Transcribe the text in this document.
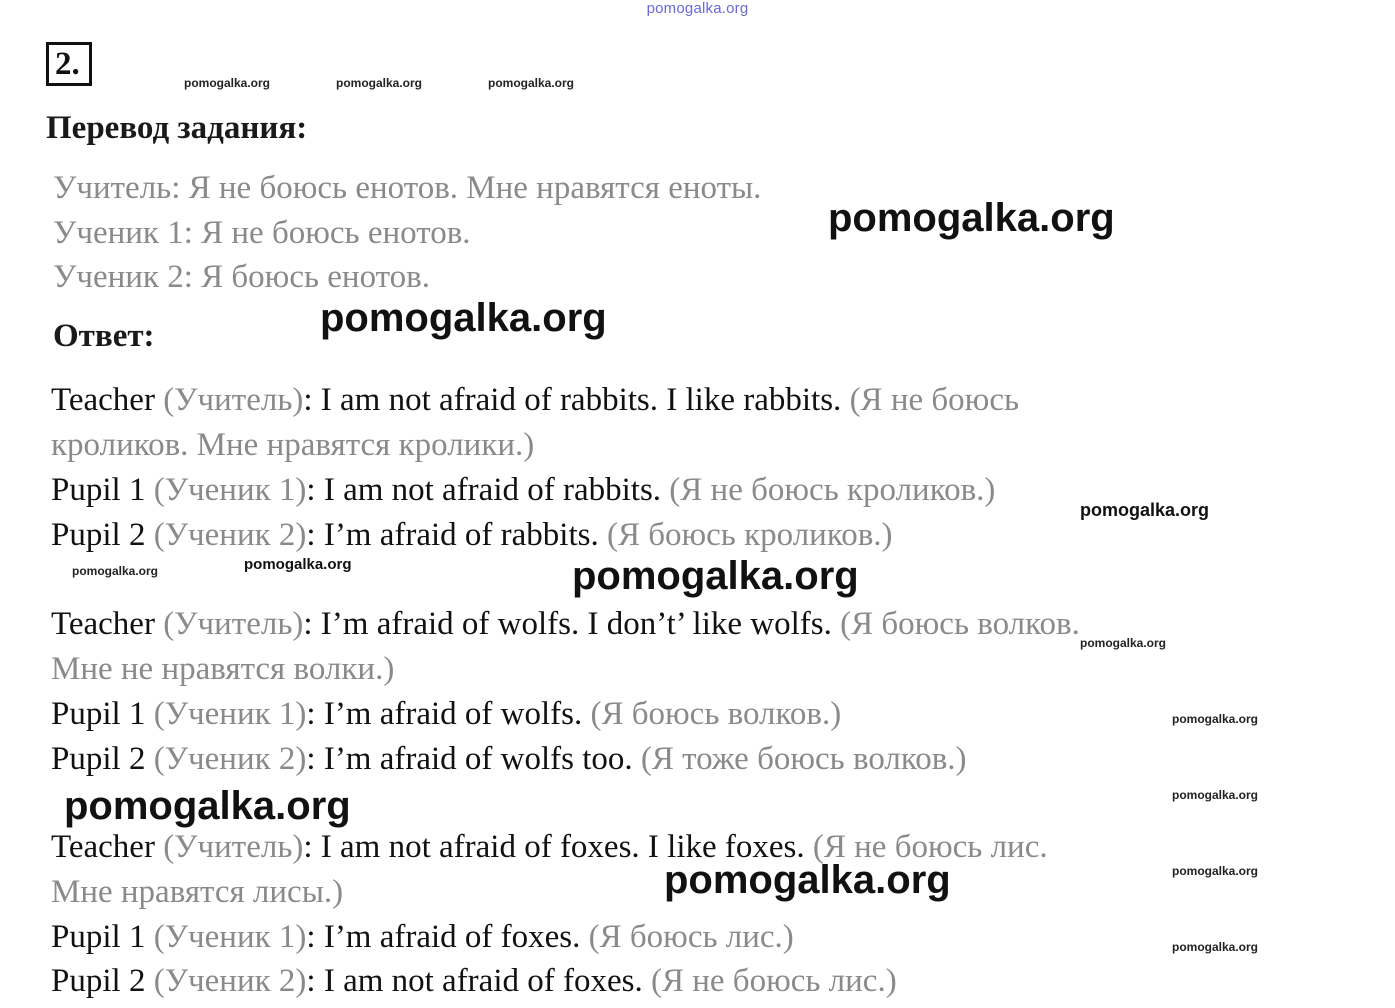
pomogalka.org
2.
pomogalka.org	pomogalka.org	pomogalka.org
Перевод задания:
Учитель: Я не боюсь енотов. Мне нравятся еноты.
Ученик 1: Я не боюсь енотов.
Ученик 2: Я боюсь енотов.
pomogalka.org
pomogalka.org
Ответ:
Teacher (Учитель): I am not afraid of rabbits. I like rabbits. (Я не боюсь
кроликов. Мне нравятся кролики.)
Pupil 1 (Ученик 1): I am not afraid of rabbits. (Я не боюсь кроликов.)
Pupil 2 (Ученик 2): I’m afraid of rabbits. (Я боюсь кроликов.)
pomogalka.org
pomogalka.org	pomogalka.org	pomogalka.org
Teacher (Учитель): I’m afraid of wolfs. I don’t’ like wolfs. (Я боюсь волков.
pomogalka.org
Мне не нравятся волки.)
Pupil 1 (Ученик 1): I’m afraid of wolfs. (Я боюсь волков.)	pomogalka.org
Pupil 2 (Ученик 2): I’m afraid of wolfs too. (Я тоже боюсь волков.)
pomogalka.org	pomogalka.org
Teacher (Учитель): I am not afraid of foxes. I like foxes. (Я не боюсь лис.
pomogalka.org
Мне нравятся лисы.)	pomogalka.org
Pupil 1 (Ученик 1): I’m afraid of foxes. (Я боюсь лис.)	pomogalka.org
Pupil 2 (Ученик 2): I am not afraid of foxes. (Я не боюсь лис.)
